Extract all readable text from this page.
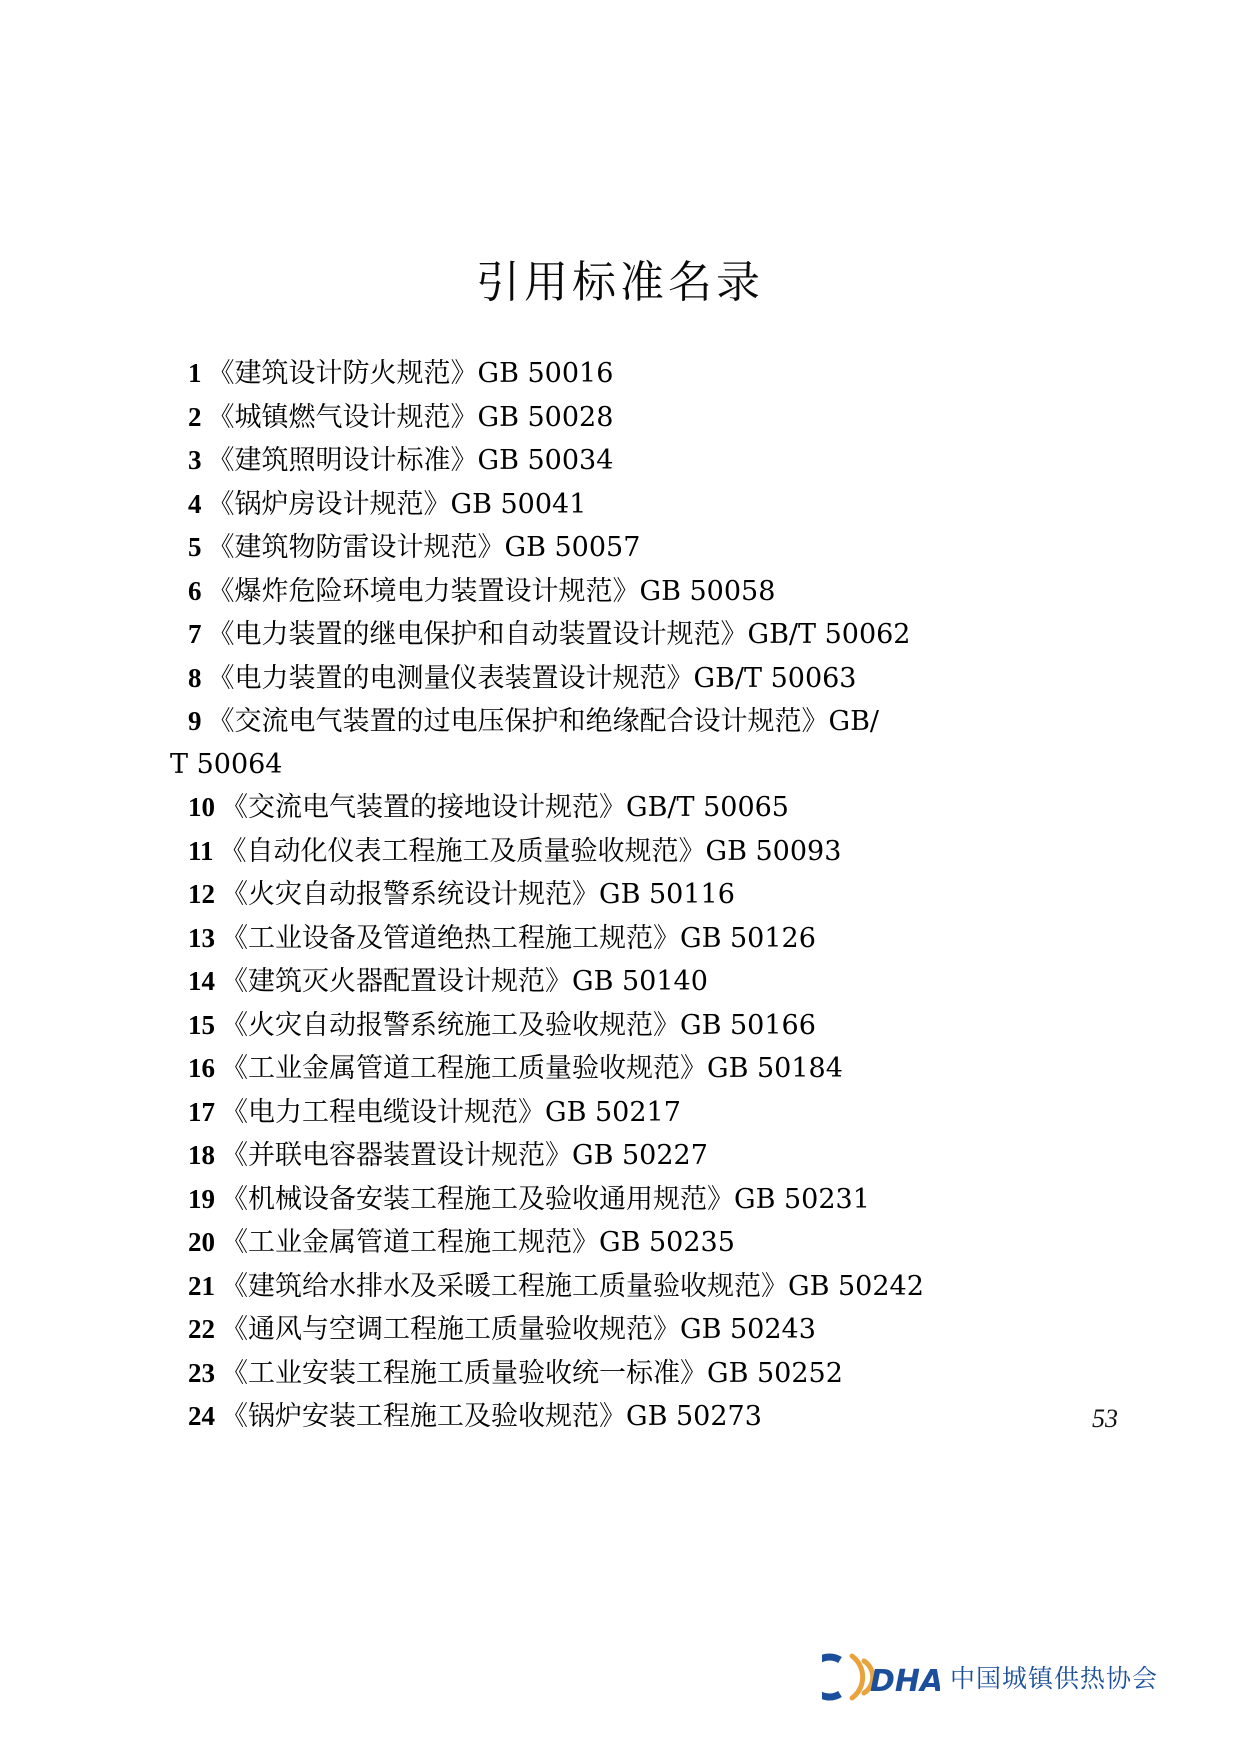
引用标准名录
1 《建筑设计防火规范》GB 50016
2 《城镇燃气设计规范》GB 50028
3 《建筑照明设计标准》GB 50034
4 《锅炉房设计规范》GB 50041
5 《建筑物防雷设计规范》GB 50057
6 《爆炸危险环境电力装置设计规范》GB 50058
7 《电力装置的继电保护和自动装置设计规范》GB/T 50062
8 《电力装置的电测量仪表装置设计规范》GB/T 50063
9 《交流电气装置的过电压保护和绝缘配合设计规范》GB/
T 50064
10 《交流电气装置的接地设计规范》GB/T 50065
11 《自动化仪表工程施工及质量验收规范》GB 50093
12 《火灾自动报警系统设计规范》GB 50116
13 《工业设备及管道绝热工程施工规范》GB 50126
14 《建筑灭火器配置设计规范》GB 50140
15 《火灾自动报警系统施工及验收规范》GB 50166
16 《工业金属管道工程施工质量验收规范》GB 50184
17 《电力工程电缆设计规范》GB 50217
18 《并联电容器装置设计规范》GB 50227
19 《机械设备安装工程施工及验收通用规范》GB 50231
20 《工业金属管道工程施工规范》GB 50235
21 《建筑给水排水及采暖工程施工质量验收规范》GB 50242
22 《通风与空调工程施工质量验收规范》GB 50243
23 《工业安装工程施工质量验收统一标准》GB 50252
24 《锅炉安装工程施工及验收规范》GB 50273	53
DHA 中国城镇供热协会
